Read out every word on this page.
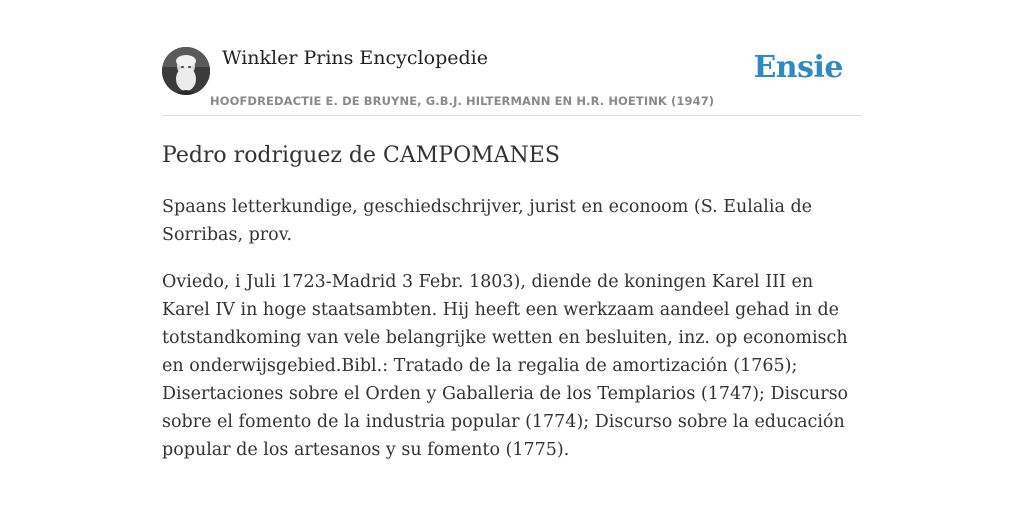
Winkler Prins Encyclopedie
HOOFDREDACTIE E. DE BRUYNE, G.B.J. HILTERMANN EN H.R. HOETINK (1947)
Ensie
Pedro rodriguez de CAMPOMANES

Spaans letterkundige, geschiedschrijver, jurist en econoom (S. Eulalia de Sorribas, prov.

Oviedo, i Juli 1723-Madrid 3 Febr. 1803), diende de koningen Karel III en Karel IV in hoge staatsambten. Hij heeft een werkzaam aandeel gehad in de totstandkoming van vele belangrijke wetten en besluiten, inz. op economisch en onderwijsgebied.Bibl.: Tratado de la regalia de amortización (1765); Disertaciones sobre el Orden y Gaballeria de los Templarios (1747); Discurso sobre el fomento de la industria popular (1774); Discurso sobre la educación popular de los artesanos y su fomento (1775).
